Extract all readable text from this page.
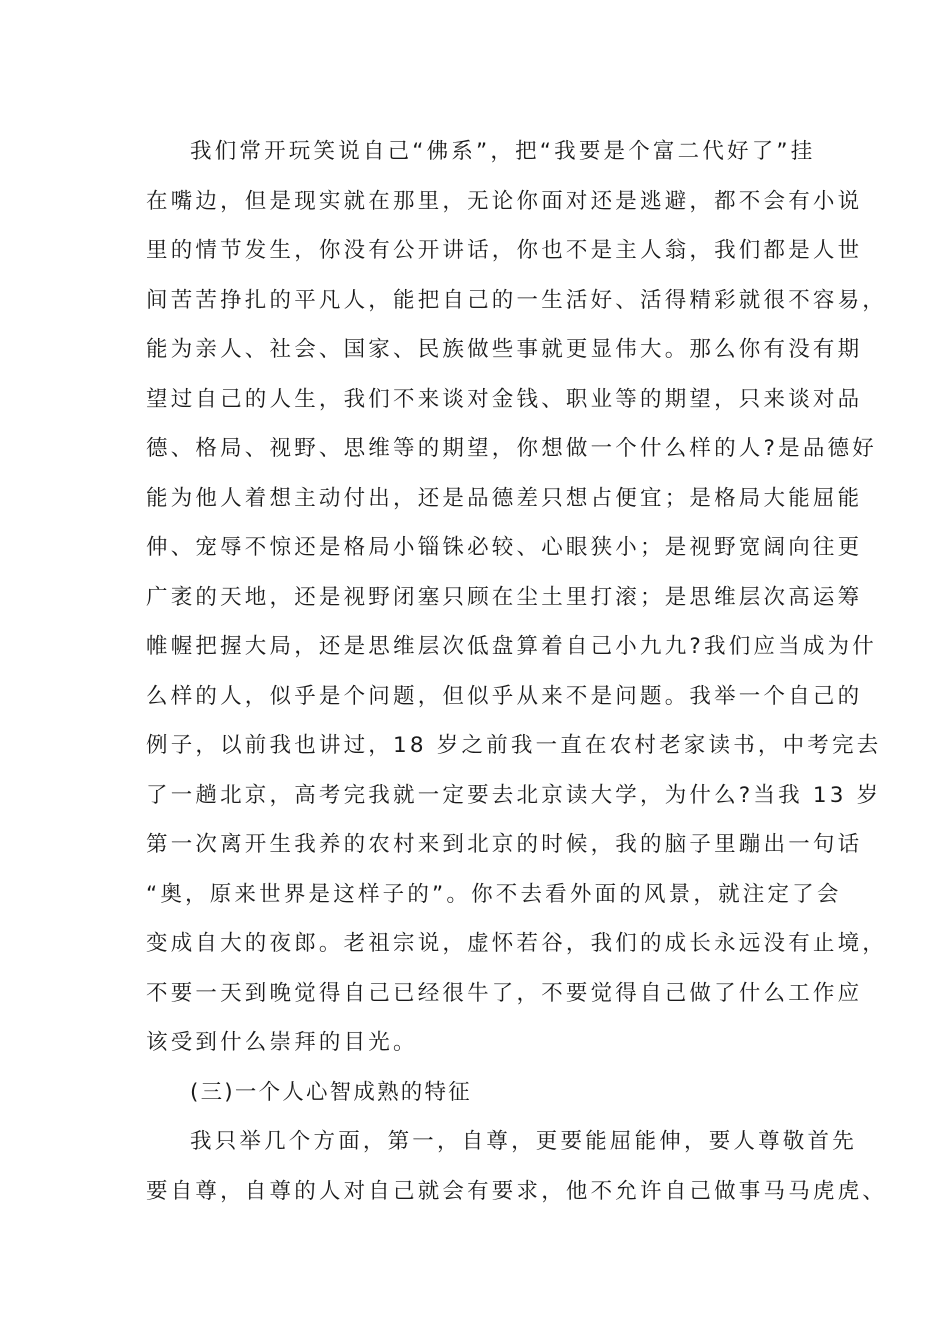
我们常开玩笑说自己“佛系”，把“我要是个富二代好了”挂
在嘴边，但是现实就在那里，无论你面对还是逃避，都不会有小说
里的情节发生，你没有公开讲话，你也不是主人翁，我们都是人世
间苦苦挣扎的平凡人，能把自己的一生活好、活得精彩就很不容易，
能为亲人、社会、国家、民族做些事就更显伟大。那么你有没有期
望过自己的人生，我们不来谈对金钱、职业等的期望，只来谈对品
德、格局、视野、思维等的期望，你想做一个什么样的人?是品德好
能为他人着想主动付出，还是品德差只想占便宜；是格局大能屈能
伸、宠辱不惊还是格局小锱铢必较、心眼狭小；是视野宽阔向往更
广袤的天地，还是视野闭塞只顾在尘土里打滚；是思维层次高运筹
帷幄把握大局，还是思维层次低盘算着自己小九九?我们应当成为什
么样的人，似乎是个问题，但似乎从来不是问题。我举一个自己的
例子，以前我也讲过，18 岁之前我一直在农村老家读书，中考完去
了一趟北京，高考完我就一定要去北京读大学，为什么?当我 13 岁
第一次离开生我养的农村来到北京的时候，我的脑子里蹦出一句话
“奥，原来世界是这样子的”。你不去看外面的风景，就注定了会
变成自大的夜郎。老祖宗说，虚怀若谷，我们的成长永远没有止境，
不要一天到晚觉得自己已经很牛了，不要觉得自己做了什么工作应
该受到什么崇拜的目光。
(三)一个人心智成熟的特征
我只举几个方面，第一，自尊，更要能屈能伸，要人尊敬首先
要自尊，自尊的人对自己就会有要求，他不允许自己做事马马虎虎、
